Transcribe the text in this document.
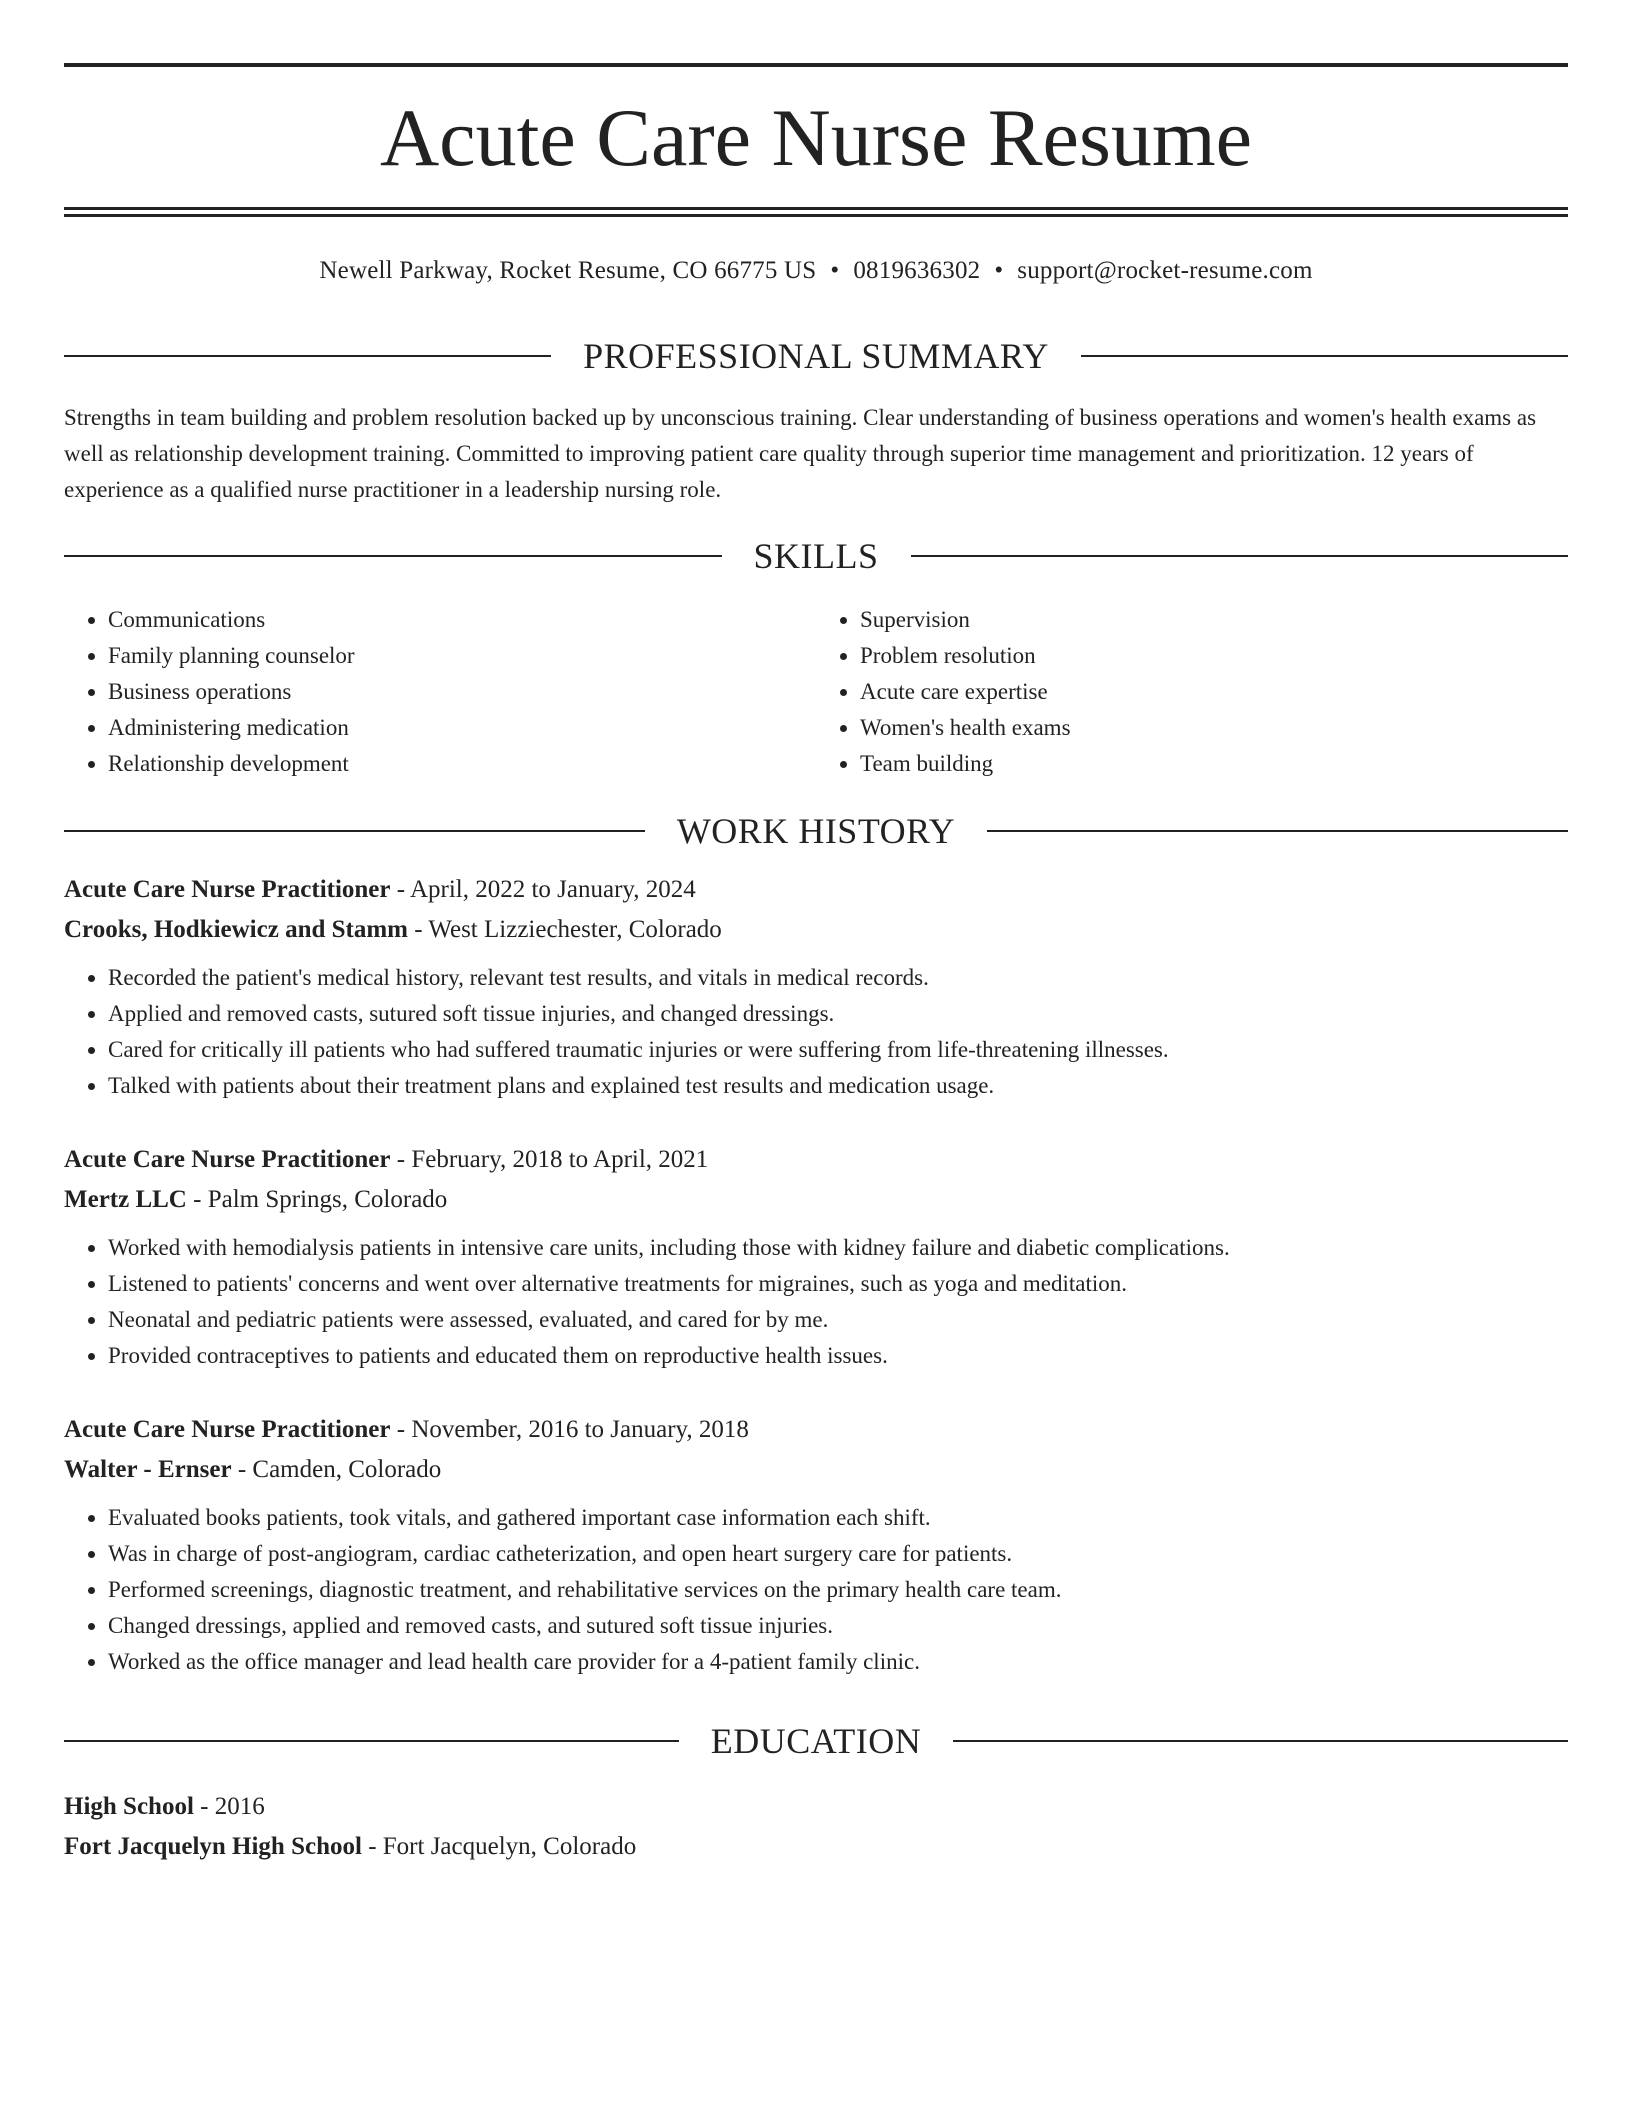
Acute Care Nurse Resume
Newell Parkway, Rocket Resume, CO 66775 US • 0819636302 • support@rocket-resume.com
PROFESSIONAL SUMMARY

Strengths in team building and problem resolution backed up by unconscious training. Clear understanding of business operations and women's health exams as well as relationship development training. Committed to improving patient care quality through superior time management and prioritization. 12 years of experience as a qualified nurse practitioner in a leadership nursing role.

SKILLS
• Communications
• Family planning counselor
• Business operations
• Administering medication
• Relationship development
• Supervision
• Problem resolution
• Acute care expertise
• Women's health exams
• Team building
WORK HISTORY
Acute Care Nurse Practitioner - April, 2022 to January, 2024
Crooks, Hodkiewicz and Stamm - West Lizziechester, Colorado
• Recorded the patient's medical history, relevant test results, and vitals in medical records.
• Applied and removed casts, sutured soft tissue injuries, and changed dressings.
• Cared for critically ill patients who had suffered traumatic injuries or were suffering from life-threatening illnesses.
• Talked with patients about their treatment plans and explained test results and medication usage.
Acute Care Nurse Practitioner - February, 2018 to April, 2021
Mertz LLC - Palm Springs, Colorado
• Worked with hemodialysis patients in intensive care units, including those with kidney failure and diabetic complications.
• Listened to patients' concerns and went over alternative treatments for migraines, such as yoga and meditation.
• Neonatal and pediatric patients were assessed, evaluated, and cared for by me.
• Provided contraceptives to patients and educated them on reproductive health issues.
Acute Care Nurse Practitioner - November, 2016 to January, 2018
Walter - Ernser - Camden, Colorado
• Evaluated books patients, took vitals, and gathered important case information each shift.
• Was in charge of post-angiogram, cardiac catheterization, and open heart surgery care for patients.
• Performed screenings, diagnostic treatment, and rehabilitative services on the primary health care team.
• Changed dressings, applied and removed casts, and sutured soft tissue injuries.
• Worked as the office manager and lead health care provider for a 4-patient family clinic.
EDUCATION
High School - 2016
Fort Jacquelyn High School - Fort Jacquelyn, Colorado
